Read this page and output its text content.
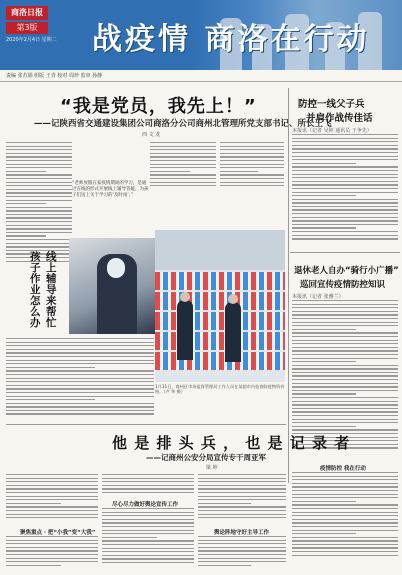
商洛日报
第3版
2020年2月4日 星期二 战疫情 商洛在行动
责编 张苏娟 组版 王青 校对 周珍 监审 孙静
“我是党员，我先上！”
——记陕西省交通建设集团公司商洛分公司商州北管理所党支部书记、所长王飞
西 文 龙
“老师放假在家疫情期间的学习，是通过在线的形式开展线上辅导答疑，为孩子们送上关于学习的‘及时雨’。”
线
上
辅
导
来
帮
忙
孩
子
作
业
怎
么
办
1月31日，商州区市场监督管理局工作人员在某超市内检查防疫物资价格。（卢 华 摄）
防控一线父子兵
并肩作战传佳话
本报讯（记者 吴婷 通讯员 王争先）
退休老人自办“骑行小广播”
巡回宣传疫情防控知识
本报讯（记者 张雅兰）
疫情防控 我在行动
他 是 排 头 兵 ， 也 是 记 录 者
——记商州公安分局宣传专干周亚军
梁 婷
聚焦重点 · 把“小我”变“大我”
尽心尽力做好舆论宣传工作
舆论阵地守好主导工作
